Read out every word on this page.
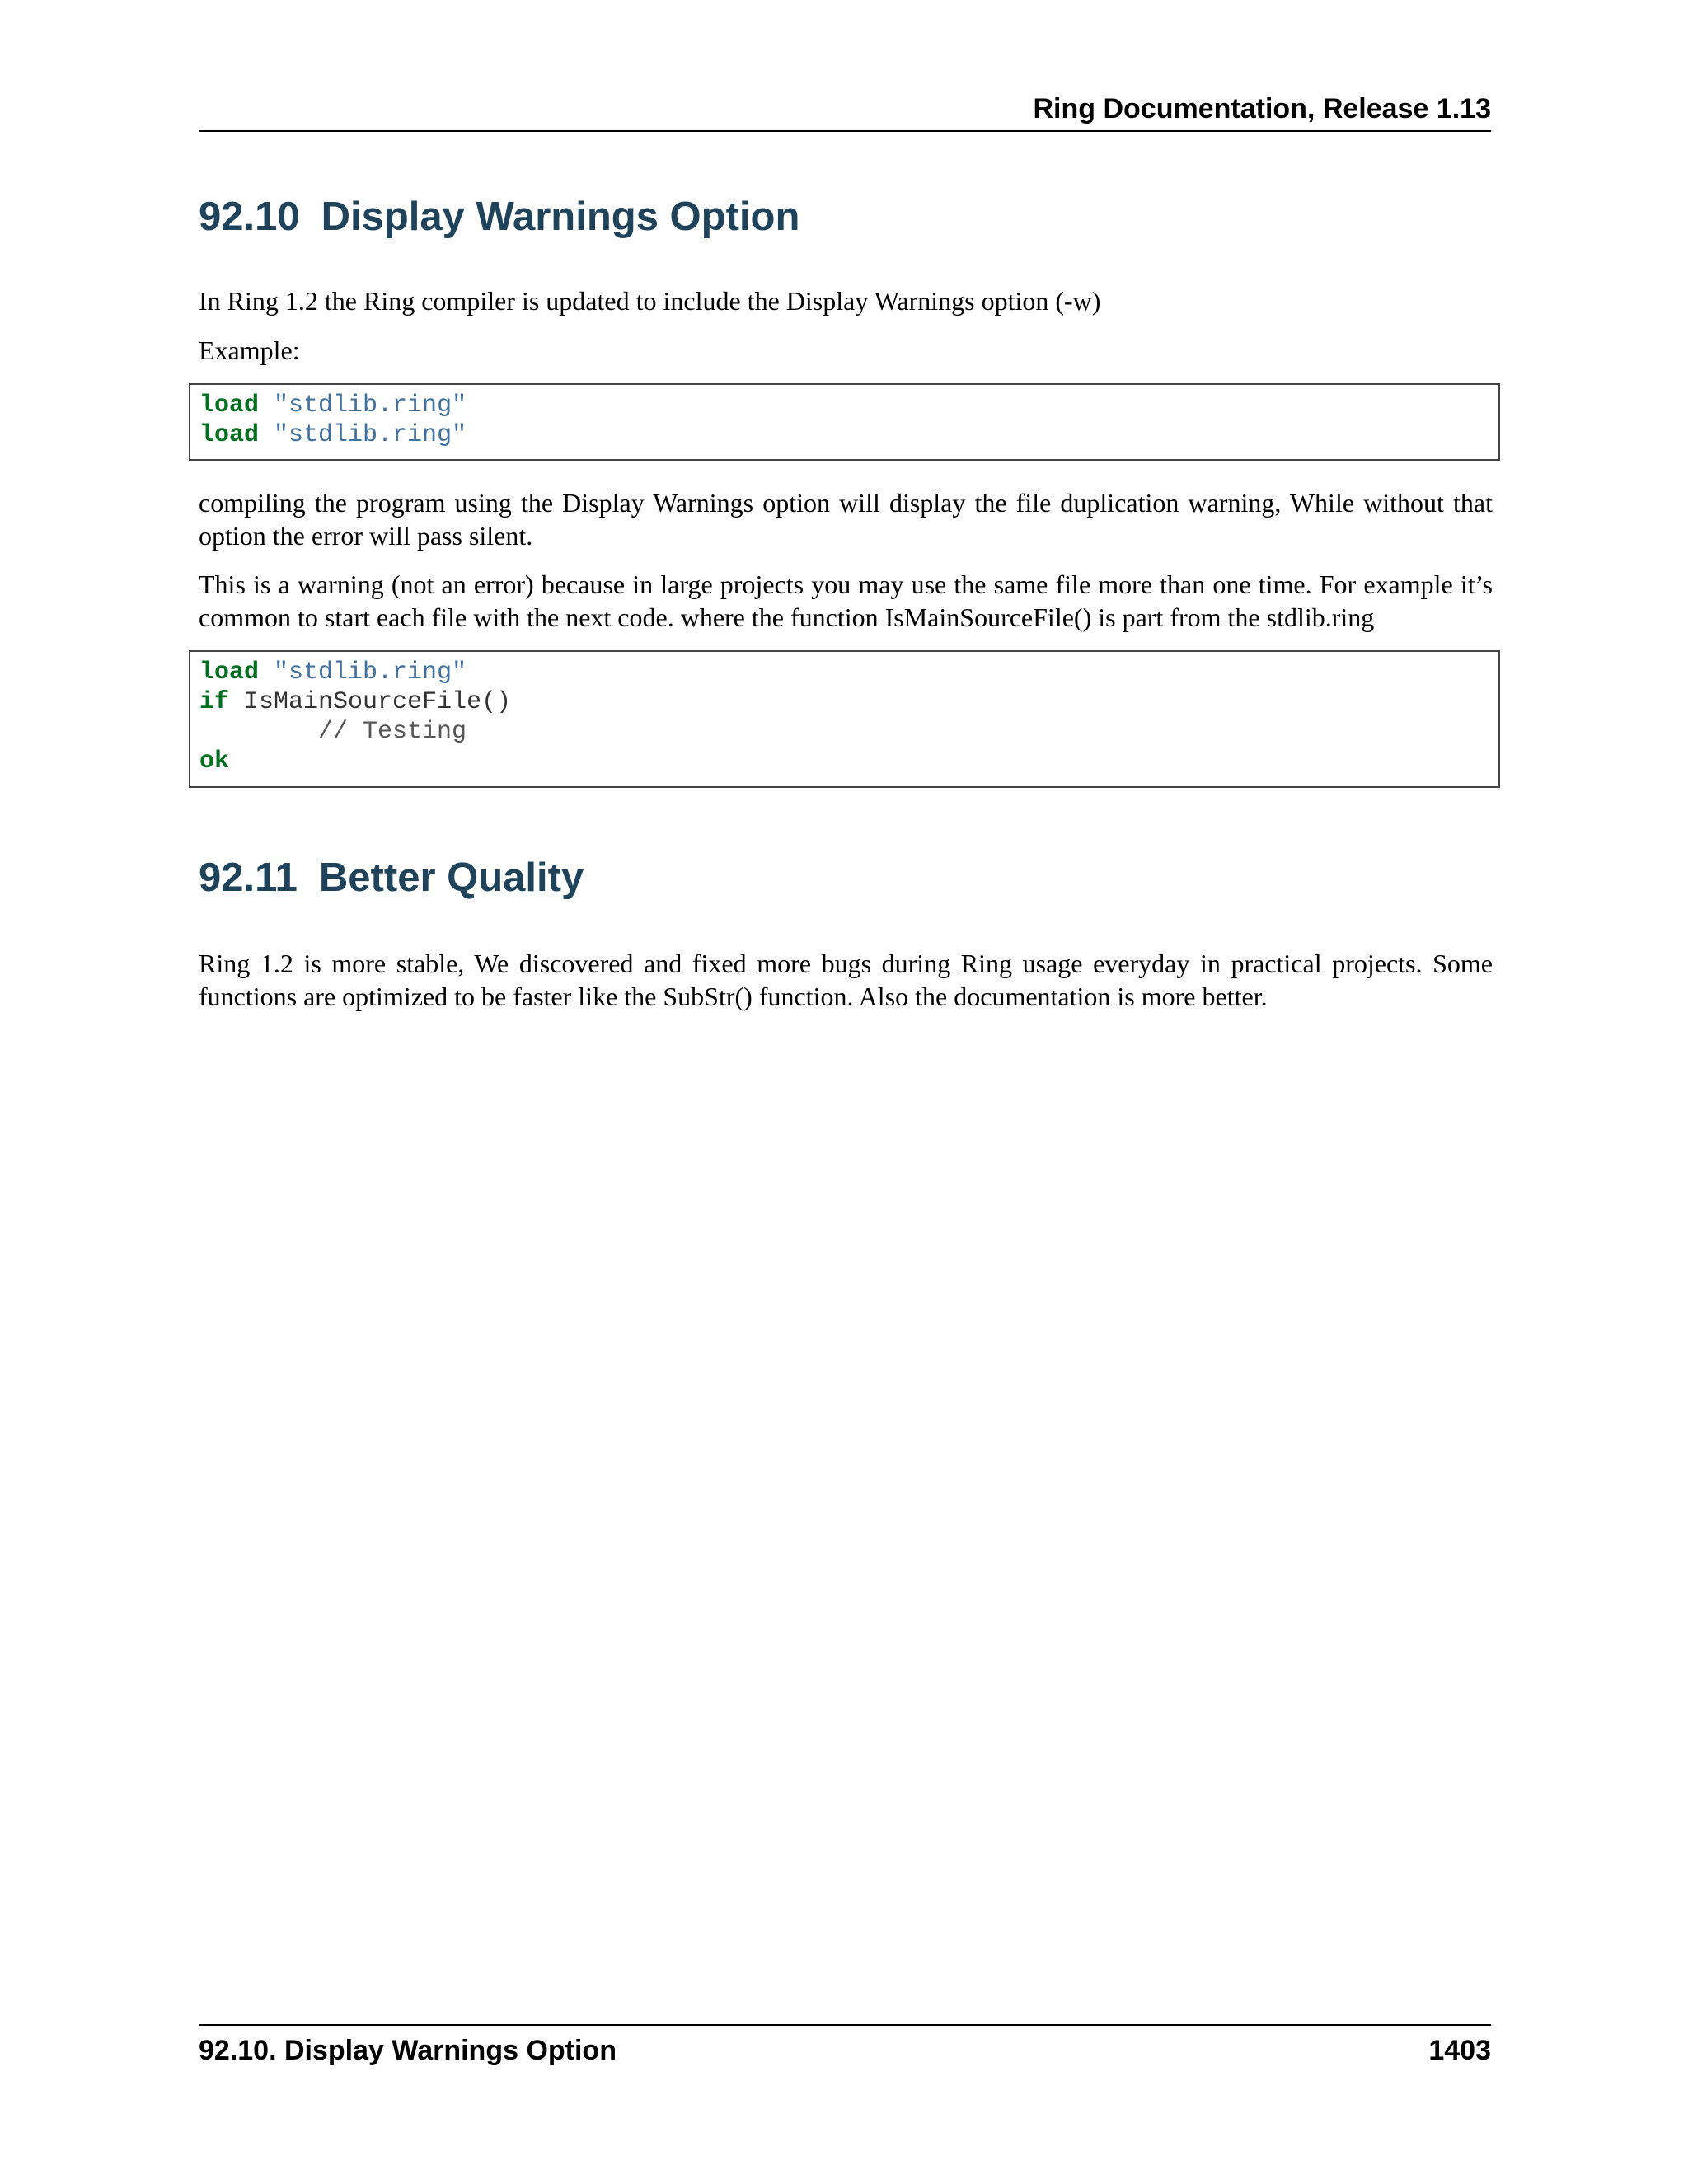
Ring Documentation, Release 1.13
92.10 Display Warnings Option

In Ring 1.2 the Ring compiler is updated to include the Display Warnings option (-w)

Example:

load "stdlib.ring"
load "stdlib.ring"

compiling the program using the Display Warnings option will display the file duplication warning, While without that option the error will pass silent.

This is a warning (not an error) because in large projects you may use the same file more than one time. For example it’s common to start each file with the next code. where the function IsMainSourceFile() is part from the stdlib.ring

load "stdlib.ring"
if IsMainSourceFile()
// Testing
ok
92.11 Better Quality

Ring 1.2 is more stable, We discovered and fixed more bugs during Ring usage everyday in practical projects. Some functions are optimized to be faster like the SubStr() function. Also the documentation is more better.

92.10. Display Warnings Option	1403
